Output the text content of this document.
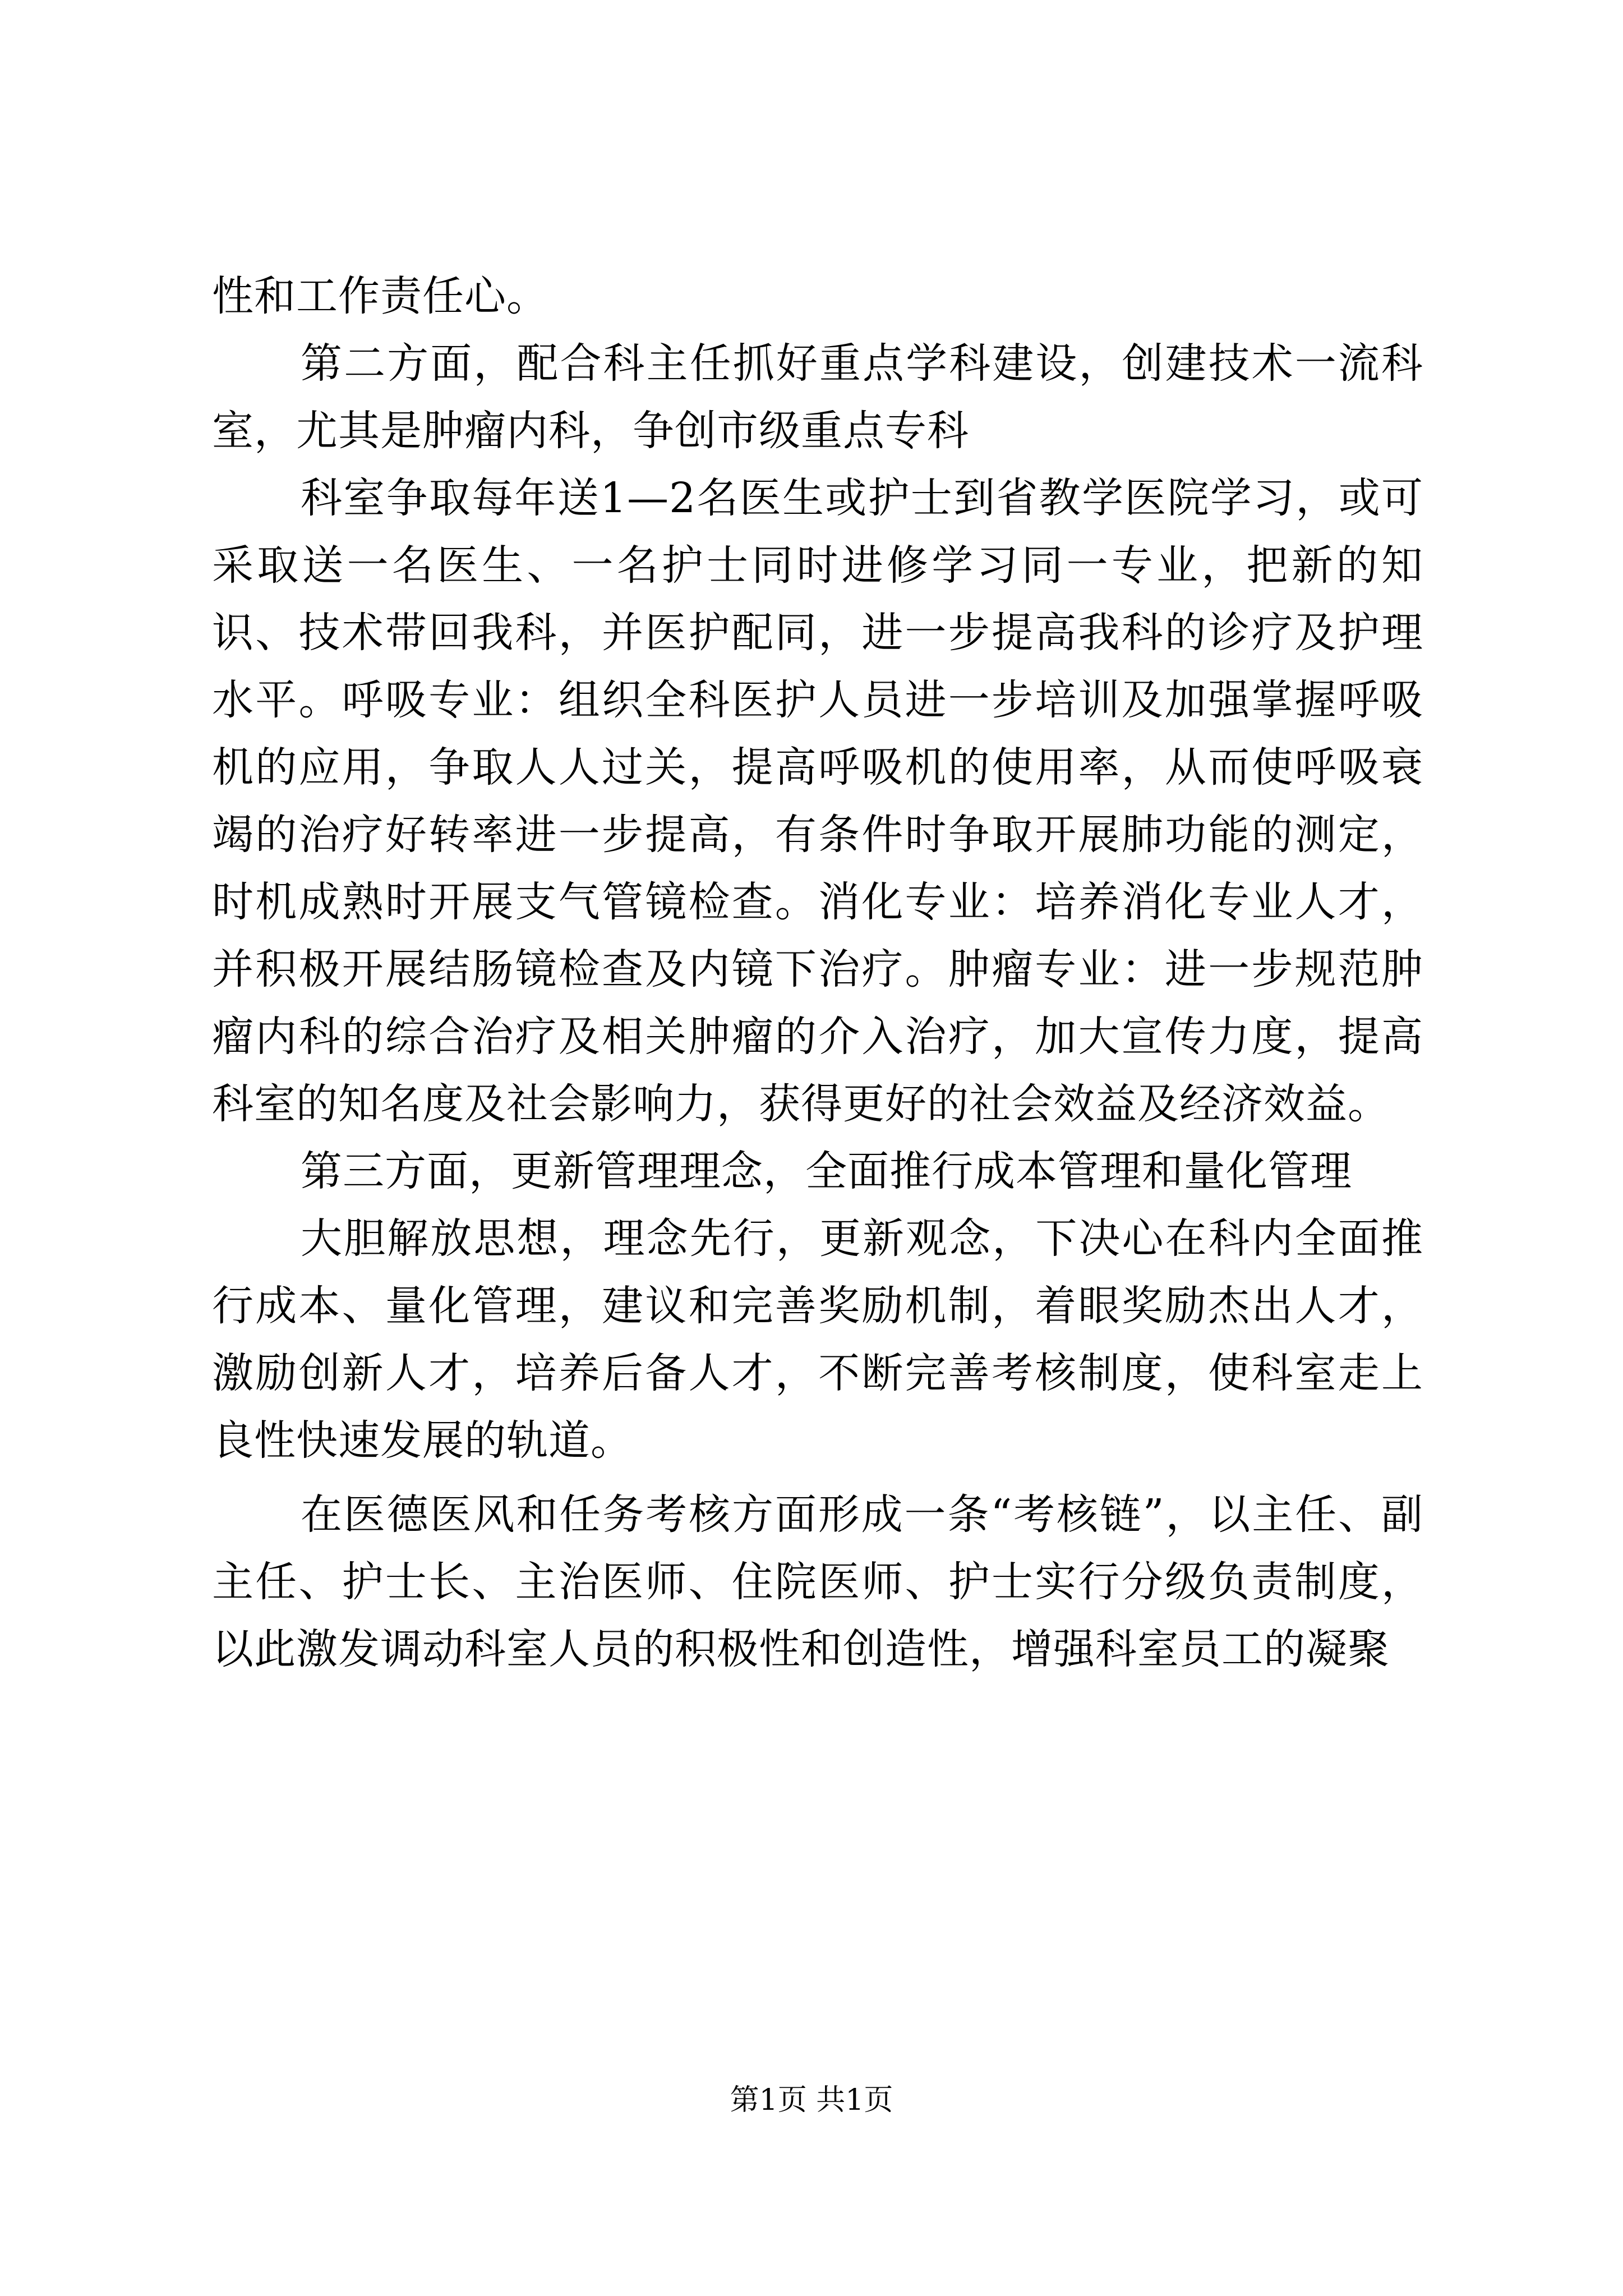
性和工作责任心。

第二方面，配合科主任抓好重点学科建设，创建技术一流科室，尤其是肿瘤内科，争创市级重点专科

科室争取每年送1—2名医生或护士到省教学医院学习，或可采取送一名医生、一名护士同时进修学习同一专业，把新的知识、技术带回我科，并医护配同，进一步提高我科的诊疗及护理水平。呼吸专业：组织全科医护人员进一步培训及加强掌握呼吸机的应用，争取人人过关，提高呼吸机的使用率，从而使呼吸衰竭的治疗好转率进一步提高，有条件时争取开展肺功能的测定，时机成熟时开展支气管镜检查。消化专业：培养消化专业人才，并积极开展结肠镜检查及内镜下治疗。肿瘤专业：进一步规范肿瘤内科的综合治疗及相关肿瘤的介入治疗，加大宣传力度，提高科室的知名度及社会影响力，获得更好的社会效益及经济效益。

第三方面，更新管理理念，全面推行成本管理和量化管理

大胆解放思想，理念先行，更新观念，下决心在科内全面推行成本、量化管理，建议和完善奖励机制，着眼奖励杰出人才，激励创新人才，培养后备人才，不断完善考核制度，使科室走上良性快速发展的轨道。

在医德医风和任务考核方面形成一条“考核链”，以主任、副主任、护士长、主治医师、住院医师、护士实行分级负责制度，以此激发调动科室人员的积极性和创造性，增强科室员工的凝聚

第1页 共1页
